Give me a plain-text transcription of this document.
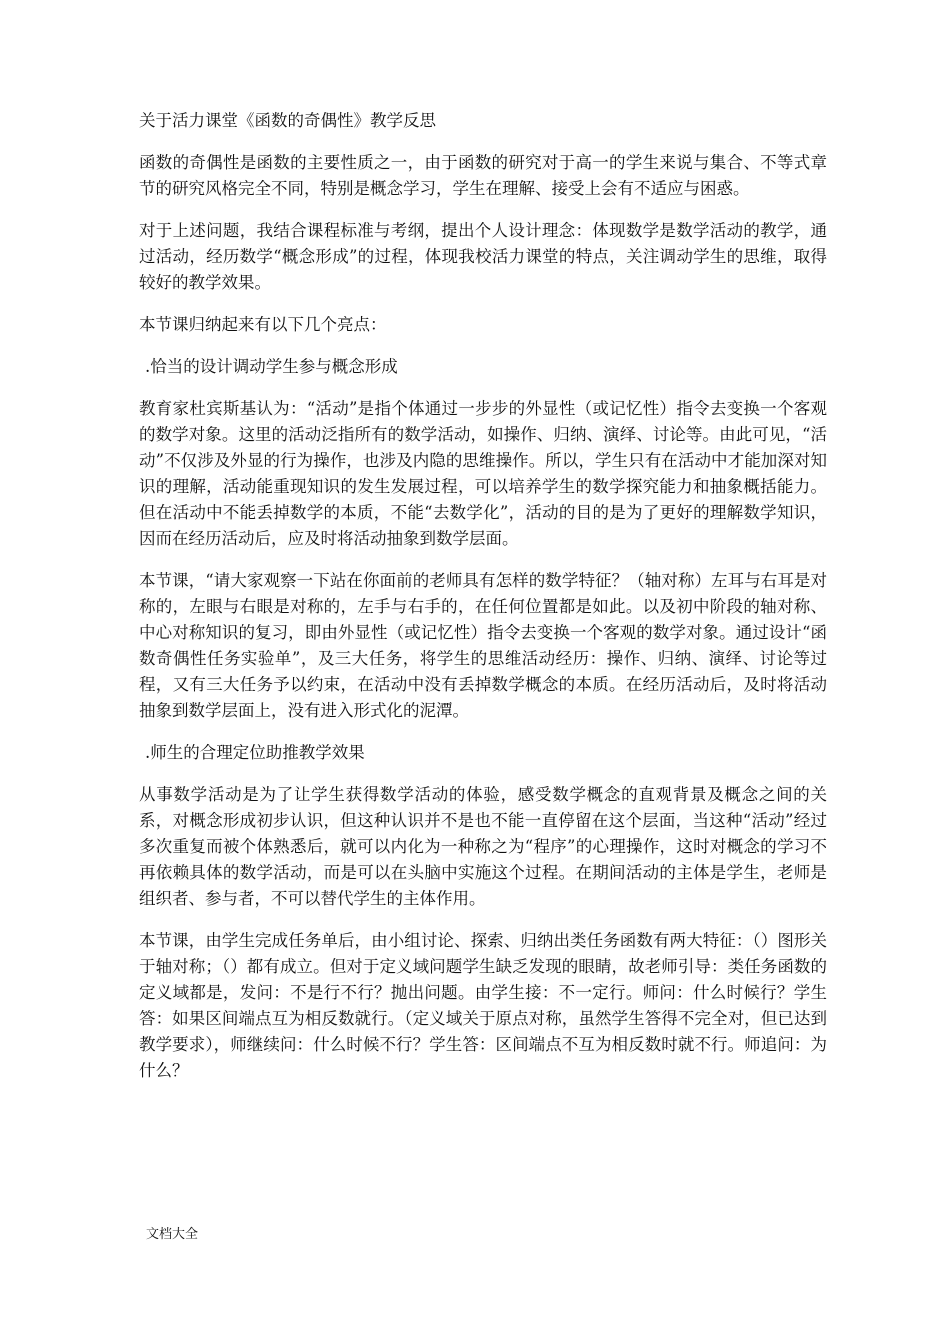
关于活力课堂《函数的奇偶性》教学反思

函数的奇偶性是函数的主要性质之一，由于函数的研究对于高一的学生来说与集合、不等式章节的研究风格完全不同，特别是概念学习，学生在理解、接受上会有不适应与困惑。

对于上述问题，我结合课程标准与考纲，提出个人设计理念：体现数学是数学活动的教学，通过活动，经历数学“概念形成”的过程，体现我校活力课堂的特点，关注调动学生的思维，取得较好的教学效果。

本节课归纳起来有以下几个亮点：

.恰当的设计调动学生参与概念形成

教育家杜宾斯基认为：“活动”是指个体通过一步步的外显性（或记忆性）指令去变换一个客观的数学对象。这里的活动泛指所有的数学活动，如操作、归纳、演绎、讨论等。由此可见，“活动”不仅涉及外显的行为操作，也涉及内隐的思维操作。所以，学生只有在活动中才能加深对知识的理解，活动能重现知识的发生发展过程，可以培养学生的数学探究能力和抽象概括能力。但在活动中不能丢掉数学的本质，不能“去数学化”，活动的目的是为了更好的理解数学知识，因而在经历活动后，应及时将活动抽象到数学层面。

本节课，“请大家观察一下站在你面前的老师具有怎样的数学特征？（轴对称）左耳与右耳是对称的，左眼与右眼是对称的，左手与右手的，在任何位置都是如此。以及初中阶段的轴对称、中心对称知识的复习，即由外显性（或记忆性）指令去变换一个客观的数学对象。通过设计“函数奇偶性任务实验单”，及三大任务，将学生的思维活动经历：操作、归纳、演绎、讨论等过程，又有三大任务予以约束，在活动中没有丢掉数学概念的本质。在经历活动后，及时将活动抽象到数学层面上，没有进入形式化的泥潭。

.师生的合理定位助推教学效果

从事数学活动是为了让学生获得数学活动的体验，感受数学概念的直观背景及概念之间的关系，对概念形成初步认识，但这种认识并不是也不能一直停留在这个层面，当这种“活动”经过多次重复而被个体熟悉后，就可以内化为一种称之为“程序”的心理操作，这时对概念的学习不再依赖具体的数学活动，而是可以在头脑中实施这个过程。在期间活动的主体是学生，老师是组织者、参与者，不可以替代学生的主体作用。

本节课，由学生完成任务单后，由小组讨论、探索、归纳出类任务函数有两大特征：（）图形关于轴对称；（）都有成立。但对于定义域问题学生缺乏发现的眼睛，故老师引导：类任务函数的定义域都是，发问：不是行不行？抛出问题。由学生接：不一定行。师问：什么时候行？学生答：如果区间端点互为相反数就行。（定义域关于原点对称，虽然学生答得不完全对，但已达到教学要求），师继续问：什么时候不行？学生答：区间端点不互为相反数时就不行。师追问：为什么？

文档大全
